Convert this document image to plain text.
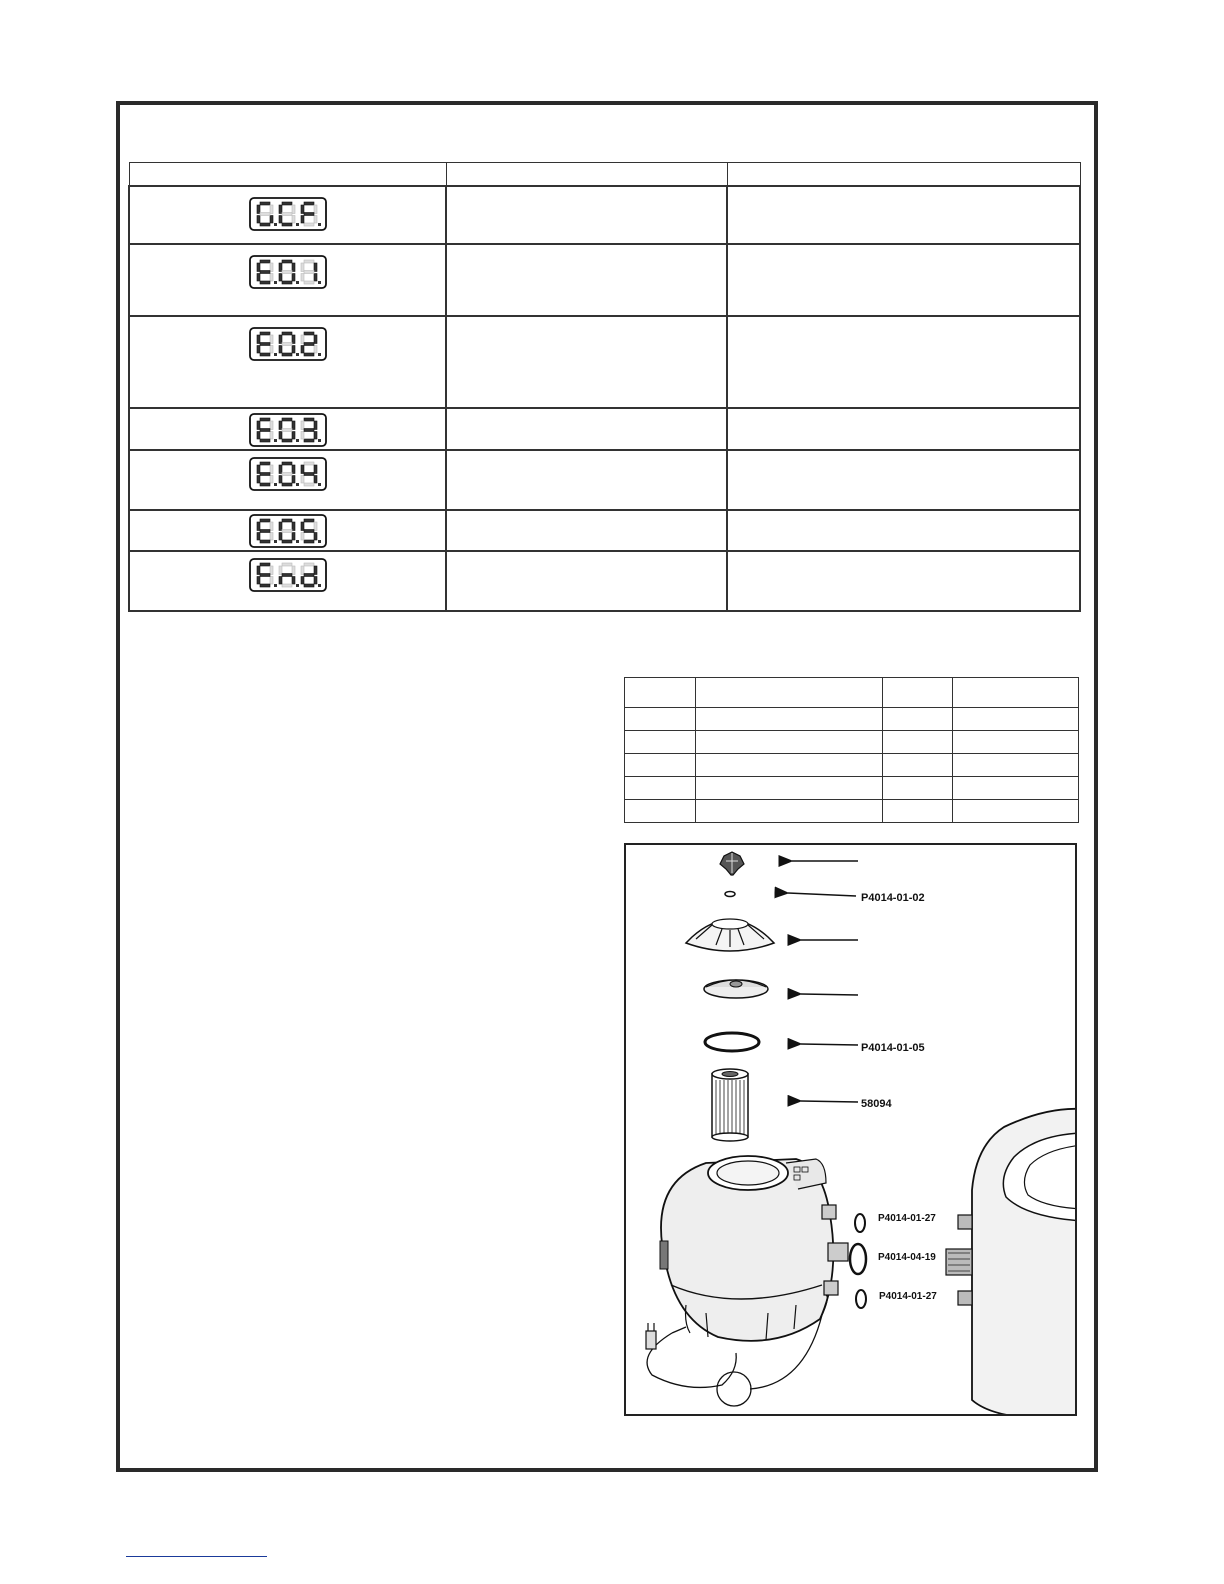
P4014-01-02
P4014-01-05
58094
P4014-01-27
P4014-04-19
P4014-01-27
